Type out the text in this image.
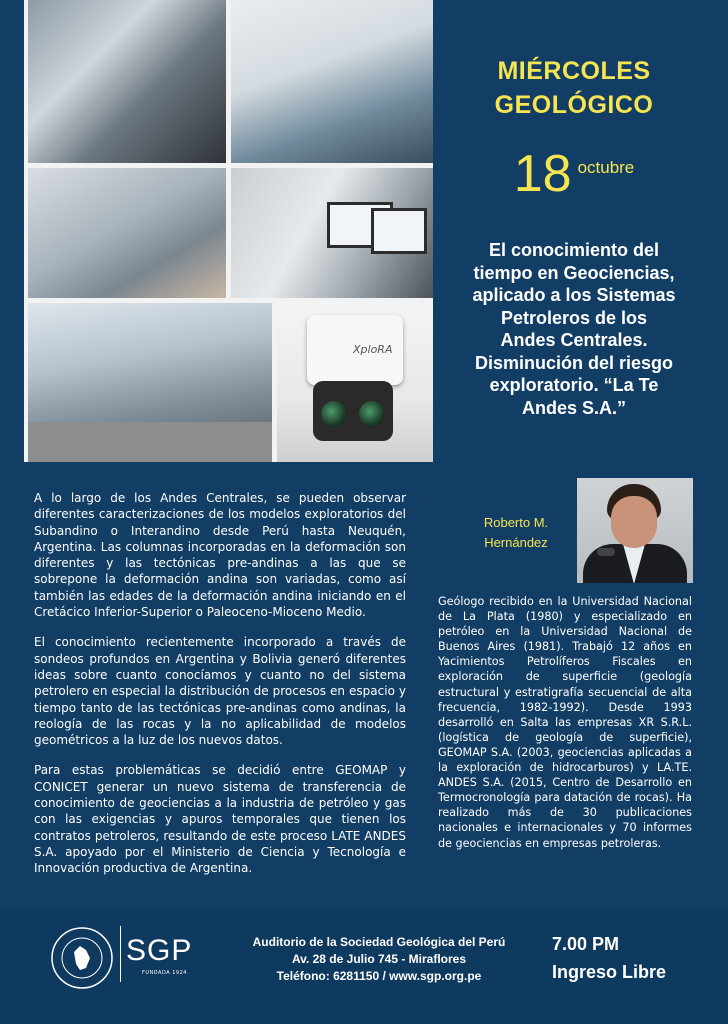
XploRA
MIÉRCOLES
GEOLÓGICO
18 octubre
El conocimiento del
tiempo en Geociencias,
aplicado a los Sistemas
Petroleros de los
Andes Centrales.
Disminución del riesgo
exploratorio. “La Te
Andes S.A.”

A lo largo de los Andes Centrales, se pueden observar diferentes caracterizaciones de los modelos exploratorios del Subandino o Interandino desde Perú hasta Neuquén, Argentina. Las columnas incorporadas en la deformación son diferentes y las tectónicas pre-andinas a las que se sobrepone la deformación andina son variadas, como así también las edades de la deformación andina iniciando en el Cretácico Inferior-Superior o Paleoceno-Mioceno Medio.

El conocimiento recientemente incorporado a través de sondeos profundos en Argentina y Bolivia generó diferentes ideas sobre cuanto conocíamos y cuanto no del sistema petrolero en especial la distribución de procesos en espacio y tiempo tanto de las tectónicas pre-andinas como andinas, la reología de las rocas y la no aplicabilidad de modelos geométricos a la luz de los nuevos datos.

Para estas problemáticas se decidió entre GEOMAP y CONICET generar un nuevo sistema de transferencia de conocimiento de geociencias a la industria de petróleo y gas con las exigencias y apuros temporales que tienen los contratos petroleros, resultando de este proceso LATE ANDES S.A. apoyado por el Ministerio de Ciencia y Tecnología e Innovación productiva de Argentina.

Roberto M.
Hernández
Geólogo recibido en la Universidad Nacional de La Plata (1980) y especializado en petróleo en la Universidad Nacional de Buenos Aires (1981). Trabajó 12 años en Yacimientos Petrolíferos Fiscales en exploración de superficie (geología estructural y estratigrafía secuencial de alta frecuencia, 1982-1992). Desde 1993 desarrolló en Salta las empresas XR S.R.L. (logística de geología de superficie), GEOMAP S.A. (2003, geociencias aplicadas a la exploración de hidrocarburos) y LA.TE. ANDES S.A. (2015, Centro de Desarrollo en Termocronología para datación de rocas). Ha realizado más de 30 publicaciones nacionales e internacionales y 70 informes de geociencias en empresas petroleras.
SGP
FUNDADA 1924
Auditorio de la Sociedad Geológica del Perú
Av. 28 de Julio 745 - Miraflores
Teléfono: 6281150 / www.sgp.org.pe
7.00 PM
Ingreso Libre
